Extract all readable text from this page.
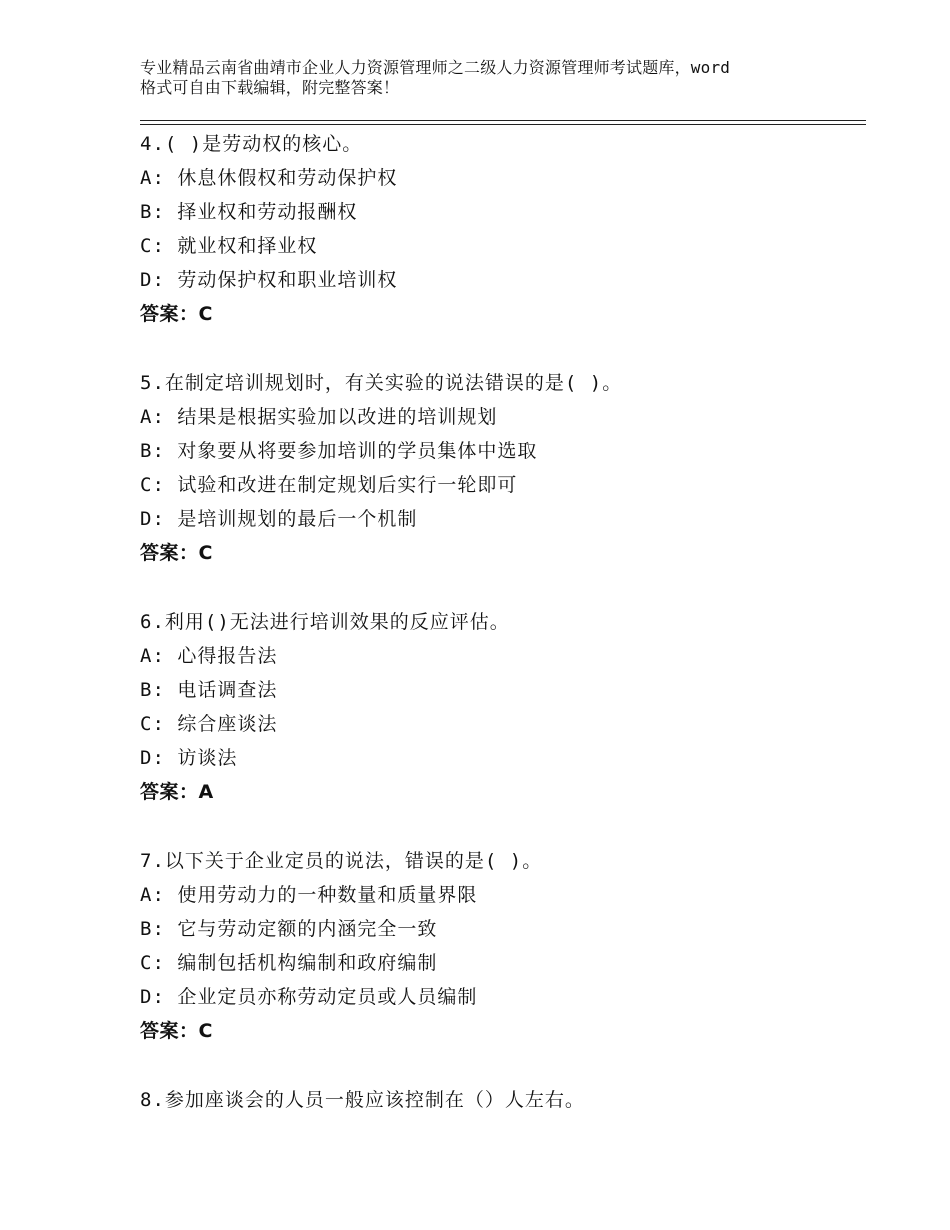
专业精品云南省曲靖市企业人力资源管理师之二级人力资源管理师考试题库，word
格式可自由下载编辑，附完整答案！
4.( )是劳动权的核心。
A: 休息休假权和劳动保护权
B: 择业权和劳动报酬权
C: 就业权和择业权
D: 劳动保护权和职业培训权
答案：C
5.在制定培训规划时，有关实验的说法错误的是( )。
A: 结果是根据实验加以改进的培训规划
B: 对象要从将要参加培训的学员集体中选取
C: 试验和改进在制定规划后实行一轮即可
D: 是培训规划的最后一个机制
答案：C
6.利用()无法进行培训效果的反应评估。
A: 心得报告法
B: 电话调查法
C: 综合座谈法
D: 访谈法
答案：A
7.以下关于企业定员的说法，错误的是( )。
A: 使用劳动力的一种数量和质量界限
B: 它与劳动定额的内涵完全一致
C: 编制包括机构编制和政府编制
D: 企业定员亦称劳动定员或人员编制
答案：C
8.参加座谈会的人员一般应该控制在（）人左右。
